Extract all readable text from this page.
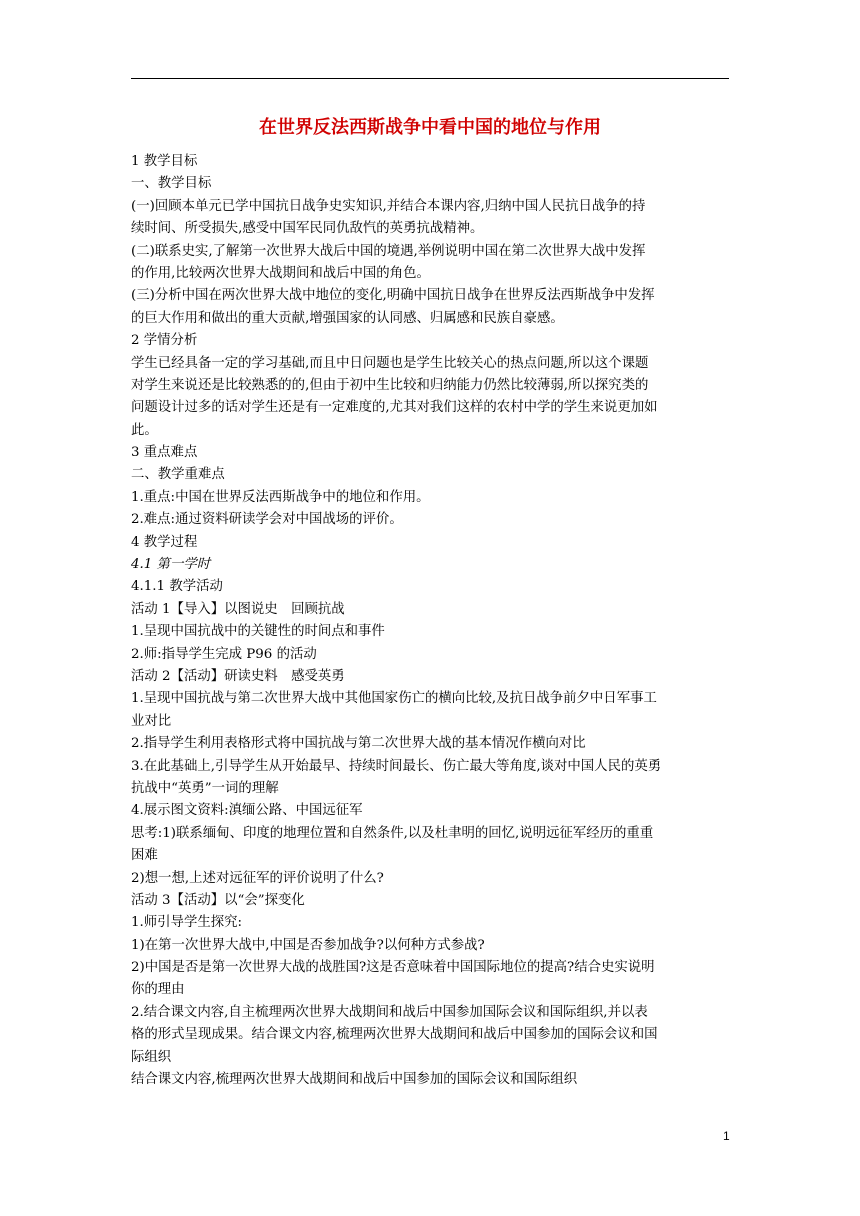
在世界反法西斯战争中看中国的地位与作用
1 教学目标
一、教学目标
(一)回顾本单元已学中国抗日战争史实知识,并结合本课内容,归纳中国人民抗日战争的持
续时间、所受损失,感受中国军民同仇敌忾的英勇抗战精神。
(二)联系史实,了解第一次世界大战后中国的境遇,举例说明中国在第二次世界大战中发挥
的作用,比较两次世界大战期间和战后中国的角色。
(三)分析中国在两次世界大战中地位的变化,明确中国抗日战争在世界反法西斯战争中发挥
的巨大作用和做出的重大贡献,增强国家的认同感、归属感和民族自豪感。
2 学情分析
学生已经具备一定的学习基础,而且中日问题也是学生比较关心的热点问题,所以这个课题
对学生来说还是比较熟悉的的,但由于初中生比较和归纳能力仍然比较薄弱,所以探究类的
问题设计过多的话对学生还是有一定难度的,尤其对我们这样的农村中学的学生来说更加如
此。
3 重点难点
二、教学重难点
1.重点:中国在世界反法西斯战争中的地位和作用。
2.难点:通过资料研读学会对中国战场的评价。
4 教学过程
4.1 第一学时
4.1.1 教学活动
活动 1【导入】以图说史　回顾抗战
1.呈现中国抗战中的关键性的时间点和事件
2.师:指导学生完成 P96 的活动
活动 2【活动】研读史料　感受英勇
1.呈现中国抗战与第二次世界大战中其他国家伤亡的横向比较,及抗日战争前夕中日军事工
业对比
2.指导学生利用表格形式将中国抗战与第二次世界大战的基本情况作横向对比
3.在此基础上,引导学生从开始最早、持续时间最长、伤亡最大等角度,谈对中国人民的英勇
抗战中“英勇”一词的理解
4.展示图文资料:滇缅公路、中国远征军
思考:1)联系缅甸、印度的地理位置和自然条件,以及杜聿明的回忆,说明远征军经历的重重
困难
2)想一想,上述对远征军的评价说明了什么?
活动 3【活动】以“会”探变化
1.师引导学生探究:
1)在第一次世界大战中,中国是否参加战争?以何种方式参战?
2)中国是否是第一次世界大战的战胜国?这是否意味着中国国际地位的提高?结合史实说明
你的理由
2.结合课文内容,自主梳理两次世界大战期间和战后中国参加国际会议和国际组织,并以表
格的形式呈现成果。结合课文内容,梳理两次世界大战期间和战后中国参加的国际会议和国
际组织
结合课文内容,梳理两次世界大战期间和战后中国参加的国际会议和国际组织
1
